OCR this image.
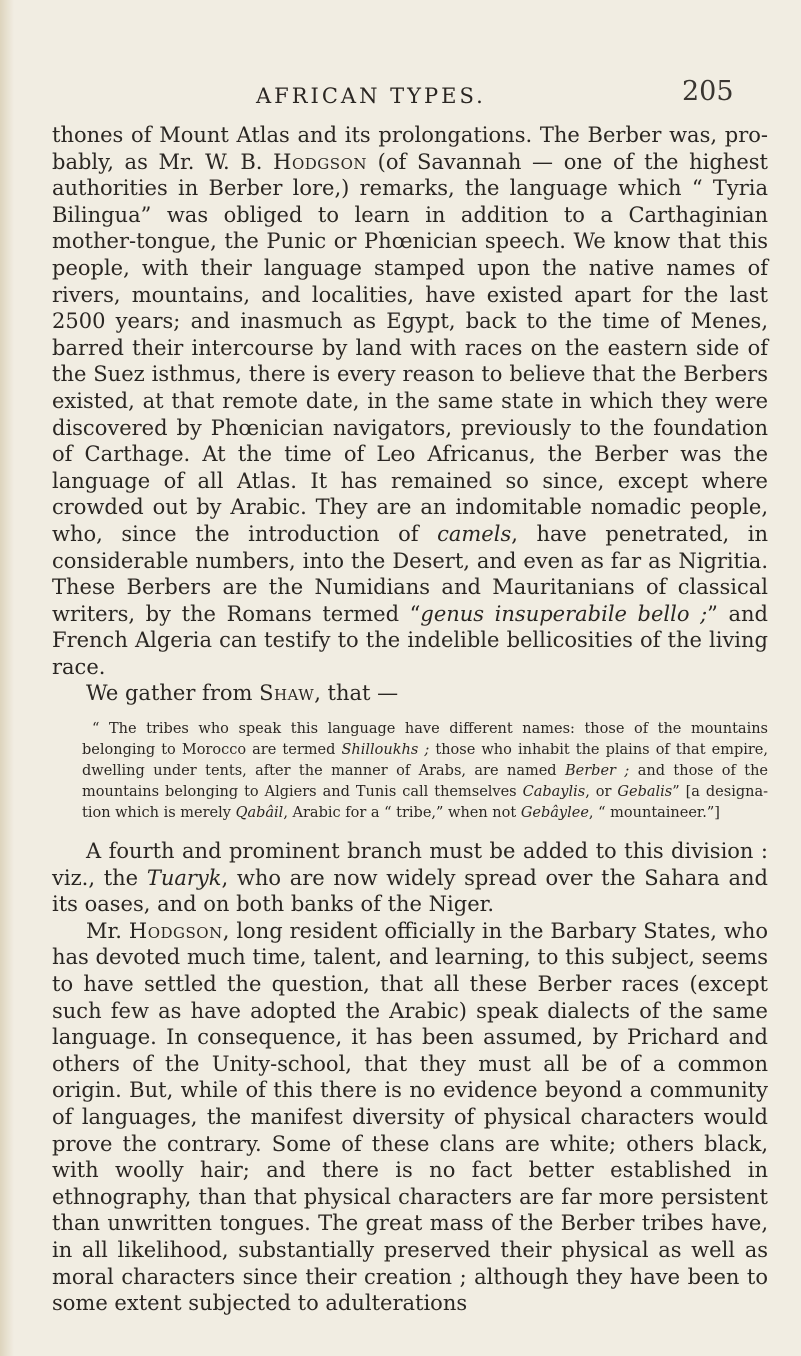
AFRICAN TYPES.	205

thones of Mount Atlas and its prolongations. The Berber was, probably, as Mr. W. B. Hodgson (of Savannah — one of the highest authorities in Berber lore,) remarks, the language which “ Tyria Bilingua” was obliged to learn in addition to a Carthaginian mother-tongue, the Punic or Phœnician speech. We know that this people, with their language stamped upon the native names of rivers, mountains, and localities, have existed apart for the last 2500 years; and inasmuch as Egypt, back to the time of Menes, barred their intercourse by land with races on the eastern side of the Suez isthmus, there is every reason to believe that the Berbers existed, at that remote date, in the same state in which they were discovered by Phœnician navigators, previously to the foundation of Carthage. At the time of Leo Africanus, the Berber was the language of all Atlas. It has remained so since, except where crowded out by Arabic. They are an indomitable nomadic people, who, since the introduction of camels, have penetrated, in considerable numbers, into the Desert, and even as far as Nigritia. These Berbers are the Numidians and Mauritanians of classical writers, by the Romans termed “genus insuperabile bello ;” and French Algeria can testify to the indelible bellicosities of the living race.

We gather from Shaw, that —

“ The tribes who speak this language have different names: those of the mountains belonging to Morocco are termed Shilloukhs ; those who inhabit the plains of that empire, dwelling under tents, after the manner of Arabs, are named Berber ; and those of the mountains belonging to Algiers and Tunis call themselves Cabaylis, or Gebalis” [a designation which is merely Qabâil, Arabic for a “ tribe,” when not Gebâylee, “ mountaineer.”]

A fourth and prominent branch must be added to this division : viz., the Tuaryk, who are now widely spread over the Sahara and its oases, and on both banks of the Niger.

Mr. Hodgson, long resident officially in the Barbary States, who has devoted much time, talent, and learning, to this subject, seems to have settled the question, that all these Berber races (except such few as have adopted the Arabic) speak dialects of the same language. In consequence, it has been assumed, by Prichard and others of the Unity-school, that they must all be of a common origin. But, while of this there is no evidence beyond a community of languages, the manifest diversity of physical characters would prove the contrary. Some of these clans are white; others black, with woolly hair; and there is no fact better established in ethnography, than that physical characters are far more persistent than unwritten tongues. The great mass of the Berber tribes have, in all likelihood, substantially preserved their physical as well as moral characters since their creation ; although they have been to some extent subjected to adulterations
